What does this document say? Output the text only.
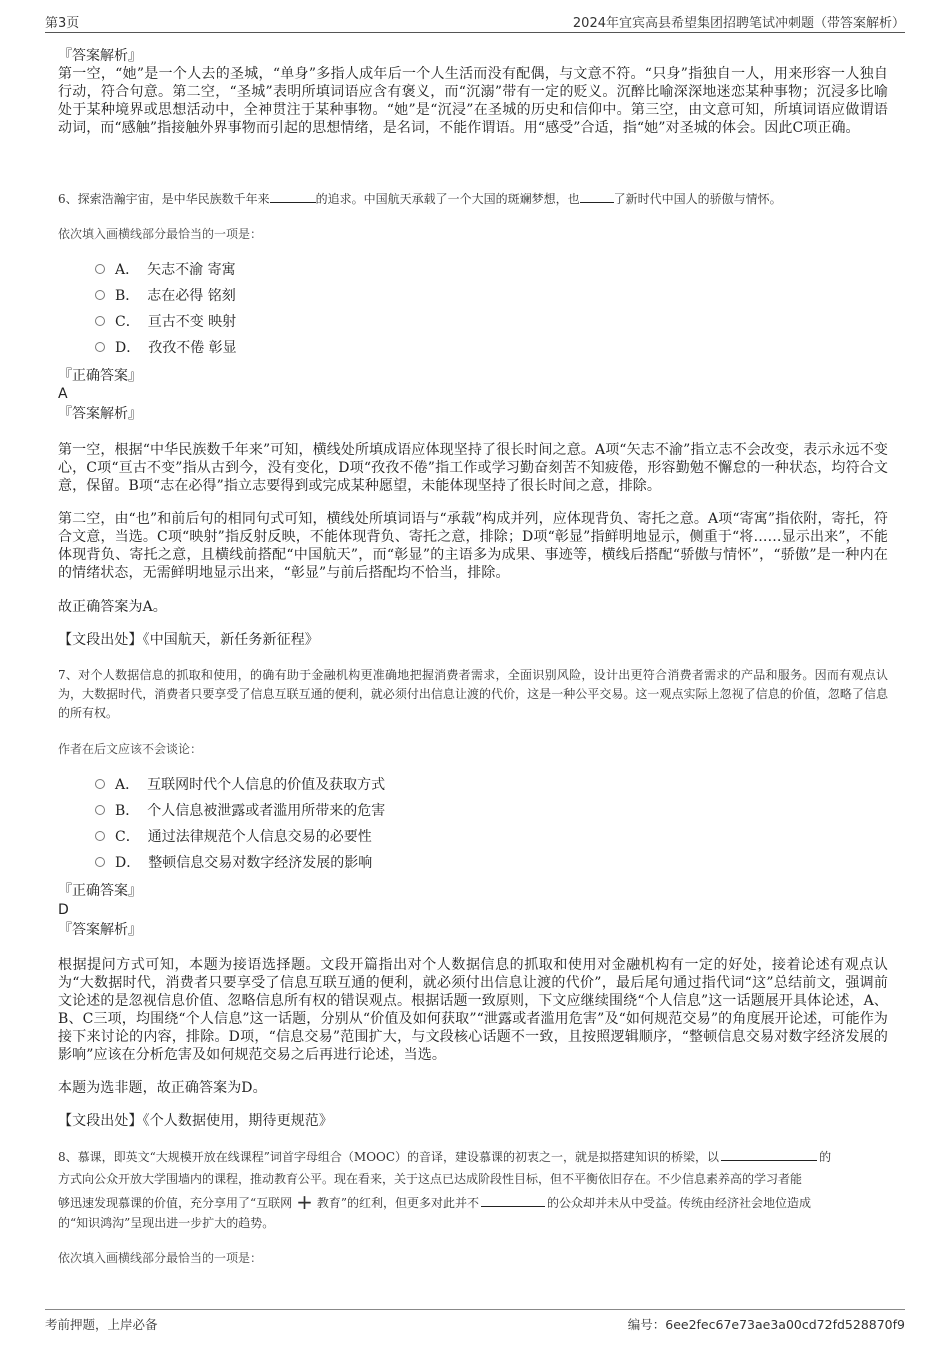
第3页	2024年宜宾高县希望集团招聘笔试冲刺题（带答案解析）
『答案解析』
第一空，“她”是一个人去的圣城，“单身”多指人成年后一个人生活而没有配偶，与文意不符。“只身”指独自一人，用来形容一人独自行动，符合句意。第二空，“圣城”表明所填词语应含有褒义，而“沉溺”带有一定的贬义。沉醉比喻深深地迷恋某种事物；沉浸多比喻处于某种境界或思想活动中，全神贯注于某种事物。“她”是“沉浸”在圣城的历史和信仰中。第三空，由文意可知，所填词语应做谓语动词，而“感触”指接触外界事物而引起的思想情绪，是名词，不能作谓语。用“感受”合适，指“她”对圣城的体会。因此C项正确。
6、探索浩瀚宇宙，是中华民族数千年来	的追求。中国航天承载了一个大国的斑斓梦想，也	了新时代中国人的骄傲与情怀。
依次填入画横线部分最恰当的一项是：
A． 矢志不渝 寄寓
B． 志在必得 铭刻
C． 亘古不变 映射
D． 孜孜不倦 彰显
『正确答案』
A
『答案解析』
第一空，根据“中华民族数千年来”可知，横线处所填成语应体现坚持了很长时间之意。A项“矢志不渝”指立志不会改变，表示永远不变心，C项“亘古不变”指从古到今，没有变化，D项“孜孜不倦”指工作或学习勤奋刻苦不知疲倦，形容勤勉不懈怠的一种状态，均符合文意，保留。B项“志在必得”指立志要得到或完成某种愿望，未能体现坚持了很长时间之意，排除。
第二空，由“也”和前后句的相同句式可知，横线处所填词语与“承载”构成并列，应体现背负、寄托之意。A项“寄寓”指依附，寄托，符合文意，当选。C项“映射”指反射反映，不能体现背负、寄托之意，排除；D项“彰显”指鲜明地显示，侧重于“将……显示出来”，不能体现背负、寄托之意，且横线前搭配“中国航天”，而“彰显”的主语多为成果、事迹等，横线后搭配“骄傲与情怀”，“骄傲”是一种内在的情绪状态，无需鲜明地显示出来，“彰显”与前后搭配均不恰当，排除。
故正确答案为A。
【文段出处】《中国航天，新任务新征程》
7、对个人数据信息的抓取和使用，的确有助于金融机构更准确地把握消费者需求，全面识别风险，设计出更符合消费者需求的产品和服务。因而有观点认为，大数据时代，消费者只要享受了信息互联互通的便利，就必须付出信息让渡的代价，这是一种公平交易。这一观点实际上忽视了信息的价值，忽略了信息的所有权。
作者在后文应该不会谈论：
A． 互联网时代个人信息的价值及获取方式
B． 个人信息被泄露或者滥用所带来的危害
C． 通过法律规范个人信息交易的必要性
D． 整顿信息交易对数字经济发展的影响
『正确答案』
D
『答案解析』
根据提问方式可知，本题为接语选择题。文段开篇指出对个人数据信息的抓取和使用对金融机构有一定的好处，接着论述有观点认为“大数据时代，消费者只要享受了信息互联互通的便利，就必须付出信息让渡的代价”，最后尾句通过指代词“这”总结前文，强调前文论述的是忽视信息价值、忽略信息所有权的错误观点。根据话题一致原则，下文应继续围绕“个人信息”这一话题展开具体论述，A、B、C三项，均围绕“个人信息”这一话题，分别从“价值及如何获取”“泄露或者滥用危害”及“如何规范交易”的角度展开论述，可能作为接下来讨论的内容，排除。D项，“信息交易”范围扩大，与文段核心话题不一致，且按照逻辑顺序，“整顿信息交易对数字经济发展的影响”应该在分析危害及如何规范交易之后再进行论述，当选。
本题为选非题，故正确答案为D。
【文段出处】《个人数据使用，期待更规范》
8、慕课，即英文“大规模开放在线课程”词首字母组合（MOOC）的音译，建设慕课的初衷之一，就是拟搭建知识的桥梁，以	的
方式向公众开放大学围墙内的课程，推动教育公平。现在看来，关于这点已达成阶段性目标，但不平衡依旧存在。不少信息素养高的学习者能
够迅速发现慕课的价值，充分享用了“互联网 + 教育”的红利，但更多对此并不	的公众却并未从中受益。传统由经济社会地位造成
的“知识鸿沟”呈现出进一步扩大的趋势。
依次填入画横线部分最恰当的一项是：
考前押题，上岸必备	编号：6ee2fec67e73ae3a00cd72fd528870f9
